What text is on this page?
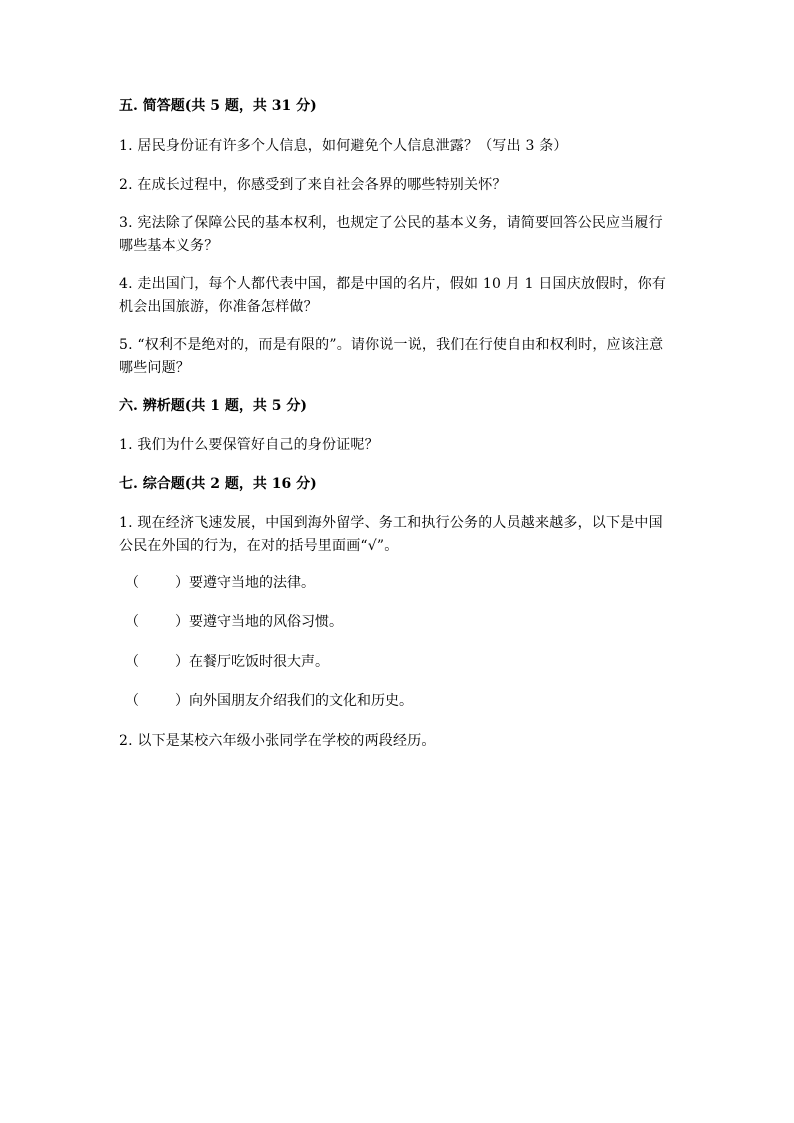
五. 简答题(共 5 题，共 31 分)
1. 居民身份证有许多个人信息，如何避免个人信息泄露？（写出 3 条）
2. 在成长过程中，你感受到了来自社会各界的哪些特别关怀？
3. 宪法除了保障公民的基本权利，也规定了公民的基本义务，请简要回答公民应当履行哪些基本义务？
4. 走出国门，每个人都代表中国，都是中国的名片，假如 10 月 1 日国庆放假时，你有机会出国旅游，你准备怎样做？
5. “权利不是绝对的，而是有限的”。请你说一说，我们在行使自由和权利时，应该注意哪些问题？
六. 辨析题(共 1 题，共 5 分)
1. 我们为什么要保管好自己的身份证呢？
七. 综合题(共 2 题，共 16 分)
1. 现在经济飞速发展，中国到海外留学、务工和执行公务的人员越来越多，以下是中国公民在外国的行为，在对的括号里面画“√”。
（	）要遵守当地的法律。
（	）要遵守当地的风俗习惯。
（	）在餐厅吃饭时很大声。
（	）向外国朋友介绍我们的文化和历史。
2. 以下是某校六年级小张同学在学校的两段经历。
